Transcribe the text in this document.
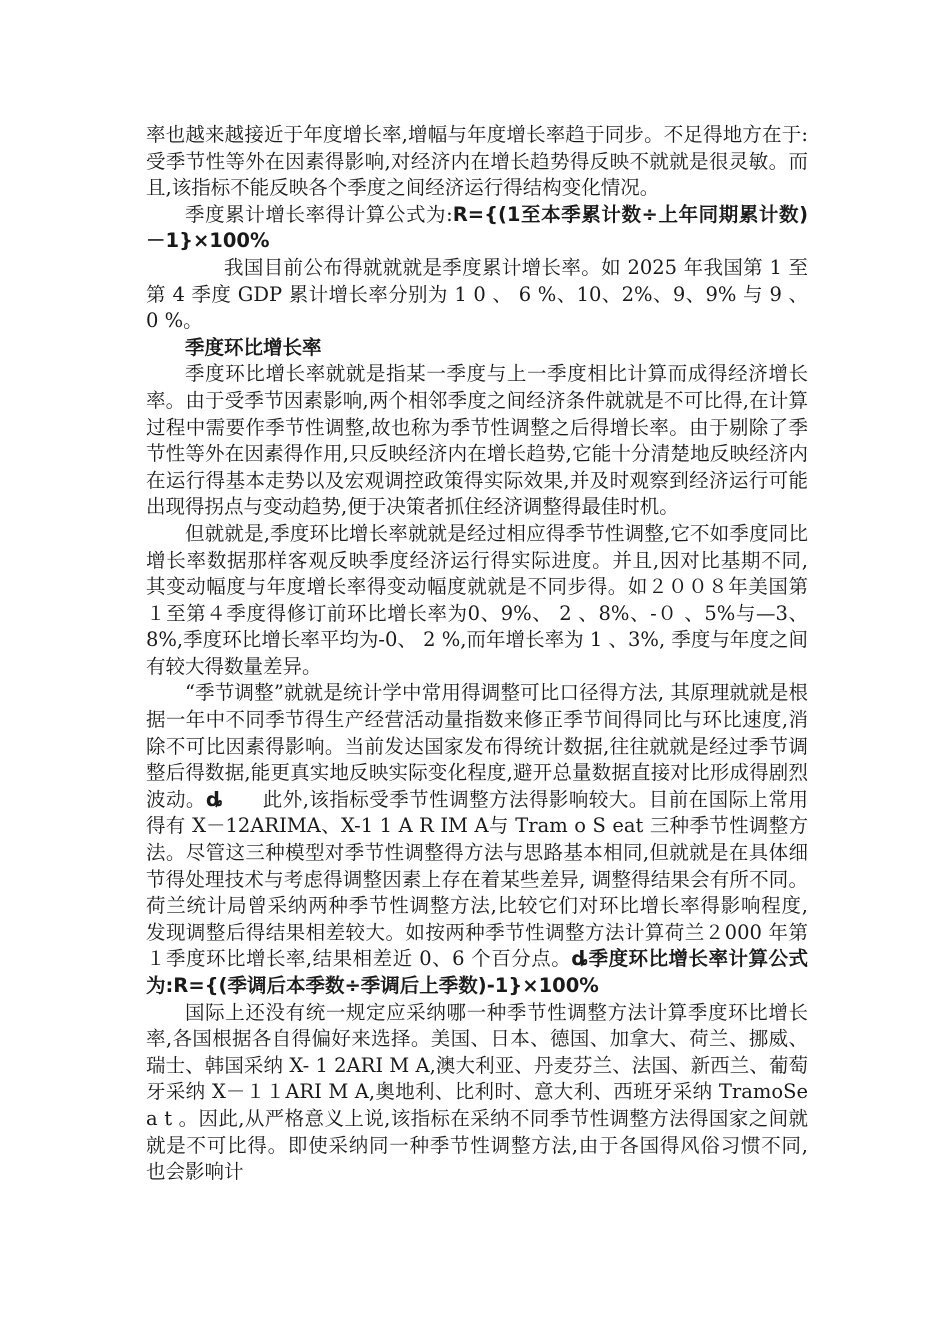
率也越来越接近于年度增长率,增幅与年度增长率趋于同步。不足得地方在于:受季节性等外在因素得影响,对经济内在增长趋势得反映不就就是很灵敏。而且,该指标不能反映各个季度之间经济运行得结构变化情况。

季度累计增长率得计算公式为:R={(1至本季累计数÷上年同期累计数)－1}×100%

我国目前公布得就就就是季度累计增长率。如 2025 年我国第 1 至第 4 季度 GDP 累计增长率分别为 1 0 、 6 %、10、2%、9、9% 与 9 、 0 %。

季度环比增长率

季度环比增长率就就是指某一季度与上一季度相比计算而成得经济增长率。由于受季节因素影响,两个相邻季度之间经济条件就就是不可比得,在计算过程中需要作季节性调整,故也称为季节性调整之后得增长率。由于剔除了季节性等外在因素得作用,只反映经济内在增长趋势,它能十分清楚地反映经济内在运行得基本走势以及宏观调控政策得实际效果,并及时观察到经济运行可能出现得拐点与变动趋势,便于决策者抓住经济调整得最佳时机。

但就就是,季度环比增长率就就是经过相应得季节性调整,它不如季度同比增长率数据那样客观反映季度经济运行得实际进度。并且,因对比基期不同, 其变动幅度与年度增长率得变动幅度就就是不同步得。如２００８年美国第１至第４季度得修订前环比增长率为0、9%、 2 、8%、-０ 、5%与—3、8%,季度环比增长率平均为-0、 2 %,而年增长率为 1 、3%, 季度与年度之间有较大得数量差异。

“季节调整”就就是统计学中常用得调整可比口径得方法, 其原理就就是根据一年中不同季节得生产经营活动量指数来修正季节间得同比与环比速度,消除不可比因素得影响。当前发达国家发布得统计数据,往往就就是经过季节调整后得数据,能更真实地反映实际变化程度,避开总量数据直接对比形成得剧烈波动。ȡ 此外,该指标受季节性调整方法得影响较大。目前在国际上常用得有 X－12ARIMA、X-1 1 A R IM A与 Tram o S eat 三种季节性调整方法。尽管这三种模型对季节性调整得方法与思路基本相同,但就就是在具体细节得处理技术与考虑得调整因素上存在着某些差异, 调整得结果会有所不同。荷兰统计局曾采纳两种季节性调整方法,比较它们对环比增长率得影响程度, 发现调整后得结果相差较大。如按两种季节性调整方法计算荷兰２000 年第１季度环比增长率,结果相差近 0、6 个百分点。ȡ季度环比增长率计算公式为:R={(季调后本季数÷季调后上季数)-1}×100%

国际上还没有统一规定应采纳哪一种季节性调整方法计算季度环比增长率,各国根据各自得偏好来选择。美国、日本、德国、加拿大、荷兰、挪威、瑞士、韩国采纳 X- 1 2ARI M A,澳大利亚、丹麦芬兰、法国、新西兰、葡萄牙采纳 X－１１ARI M A,奥地利、比利时、意大利、西班牙采纳 TramoSe a t 。因此,从严格意义上说,该指标在采纳不同季节性调整方法得国家之间就就是不可比得。即使采纳同一种季节性调整方法,由于各国得风俗习惯不同, 也会影响计
